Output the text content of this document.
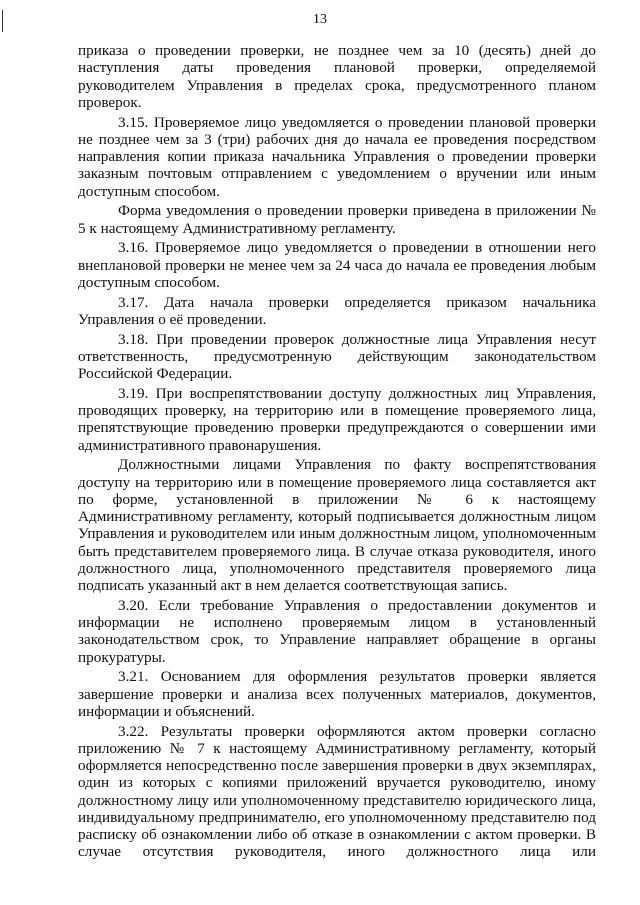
13

приказа о проведении проверки, не позднее чем за 10 (десять) дней до наступления даты проведения плановой проверки, определяемой руководителем Управления в пределах срока, предусмотренного планом проверок.

3.15. Проверяемое лицо уведомляется о проведении плановой проверки не позднее чем за 3 (три) рабочих дня до начала ее проведения посредством направления копии приказа начальника Управления о проведении проверки заказным почтовым отправлением с уведомлением о вручении или иным доступным способом.

Форма уведомления о проведении проверки приведена в приложении № 5 к настоящему Административному регламенту.

3.16. Проверяемое лицо уведомляется о проведении в отношении него внеплановой проверки не менее чем за 24 часа до начала ее проведения любым доступным способом.

3.17. Дата начала проверки определяется приказом начальника Управления о её проведении.

3.18. При проведении проверок должностные лица Управления несут ответственность, предусмотренную действующим законодательством Российской Федерации.

3.19. При воспрепятствовании доступу должностных лиц Управления, проводящих проверку, на территорию или в помещение проверяемого лица, препятствующие проведению проверки предупреждаются о совершении ими административного правонарушения.

Должностными лицами Управления по факту воспрепятствования доступу на территорию или в помещение проверяемого лица составляется акт по форме, установленной в приложении № 6 к настоящему Административному регламенту, который подписывается должностным лицом Управления и руководителем или иным должностным лицом, уполномоченным быть представителем проверяемого лица. В случае отказа руководителя, иного должностного лица, уполномоченного представителя проверяемого лица подписать указанный акт в нем делается соответствующая запись.

3.20. Если требование Управления о предоставлении документов и информации не исполнено проверяемым лицом в установленный законодательством срок, то Управление направляет обращение в органы прокуратуры.

3.21. Основанием для оформления результатов проверки является завершение проверки и анализа всех полученных материалов, документов, информации и объяснений.

3.22. Результаты проверки оформляются актом проверки согласно приложению № 7 к настоящему Административному регламенту, который оформляется непосредственно после завершения проверки в двух экземплярах, один из которых с копиями приложений вручается руководителю, иному должностному лицу или уполномоченному представителю юридического лица, индивидуальному предпринимателю, его уполномоченному представителю под расписку об ознакомлении либо об отказе в ознакомлении с актом проверки. В случае отсутствия руководителя, иного должностного лица или
